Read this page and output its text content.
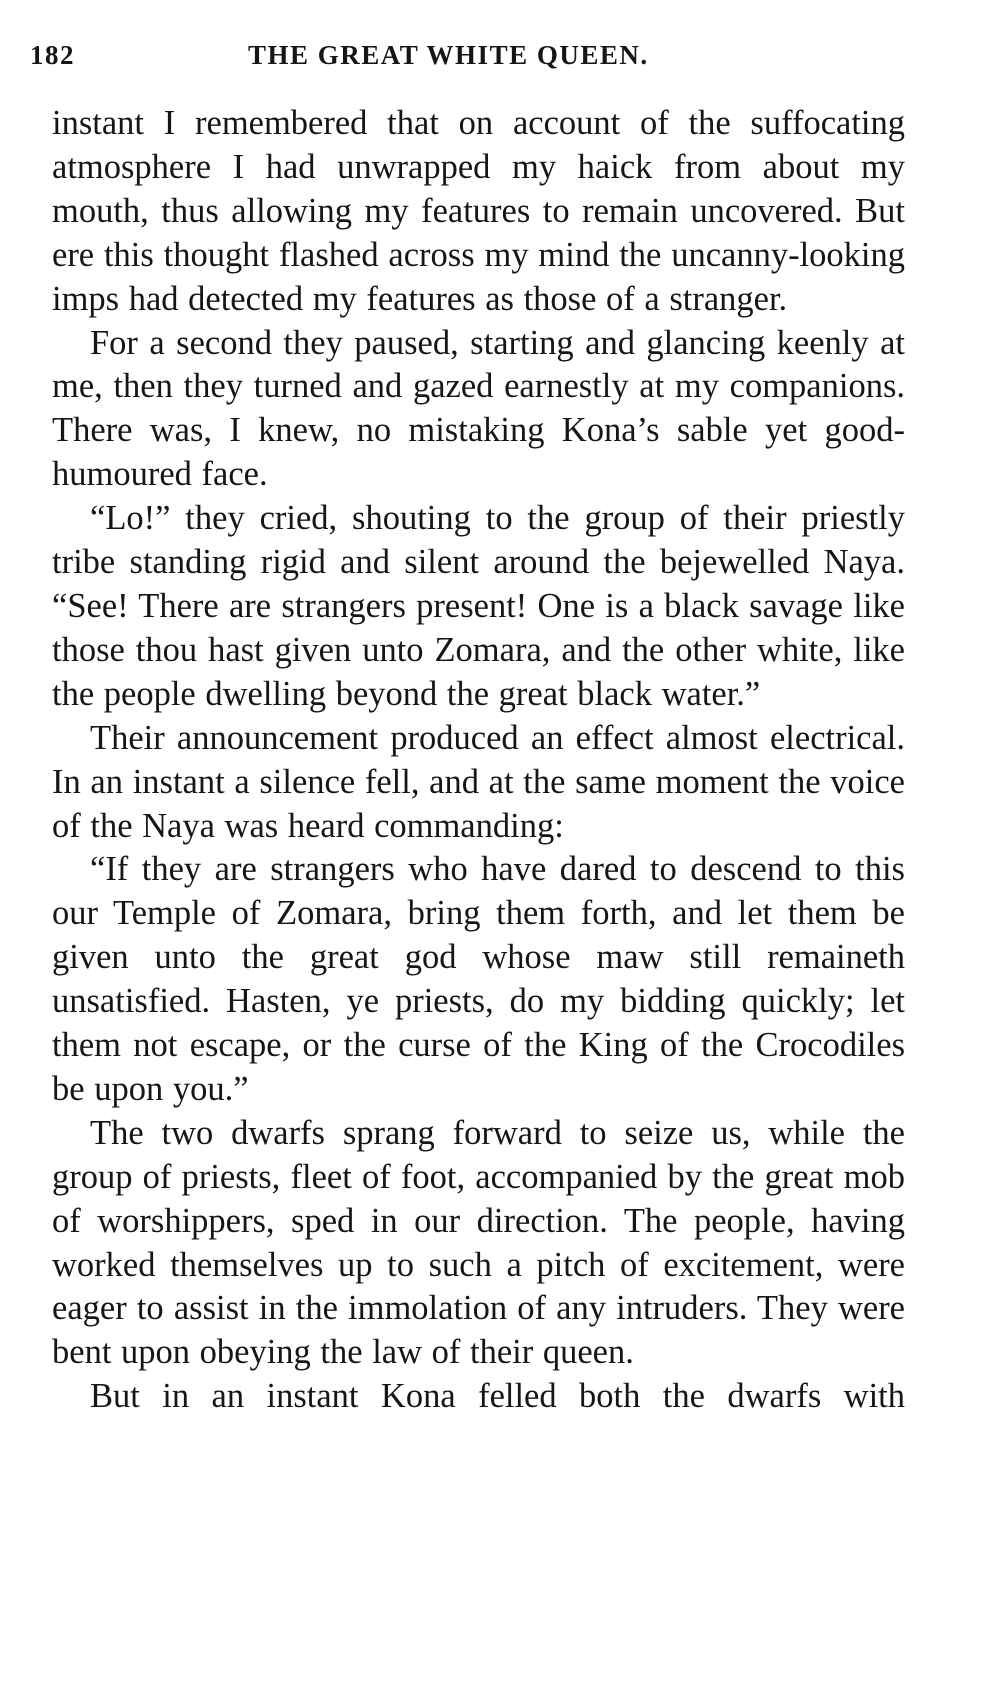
182	THE GREAT WHITE QUEEN.

instant I remembered that on account of the suffocating atmosphere I had unwrapped my haick from about my mouth, thus allowing my features to remain uncovered. But ere this thought flashed across my mind the uncanny-looking imps had detected my features as those of a stranger.

For a second they paused, starting and glancing keenly at me, then they turned and gazed earnestly at my companions. There was, I knew, no mistaking Kona’s sable yet good-humoured face.

“Lo!” they cried, shouting to the group of their priestly tribe standing rigid and silent around the bejewelled Naya. “See! There are strangers present! One is a black savage like those thou hast given unto Zomara, and the other white, like the people dwelling beyond the great black water.”

Their announcement produced an effect almost electrical. In an instant a silence fell, and at the same moment the voice of the Naya was heard commanding:

“If they are strangers who have dared to descend to this our Temple of Zomara, bring them forth, and let them be given unto the great god whose maw still remaineth unsatisfied. Hasten, ye priests, do my bidding quickly; let them not escape, or the curse of the King of the Crocodiles be upon you.”

The two dwarfs sprang forward to seize us, while the group of priests, fleet of foot, accompanied by the great mob of worshippers, sped in our direction. The people, having worked themselves up to such a pitch of excitement, were eager to assist in the immolation of any intruders. They were bent upon obeying the law of their queen.

But in an instant Kona felled both the dwarfs with
